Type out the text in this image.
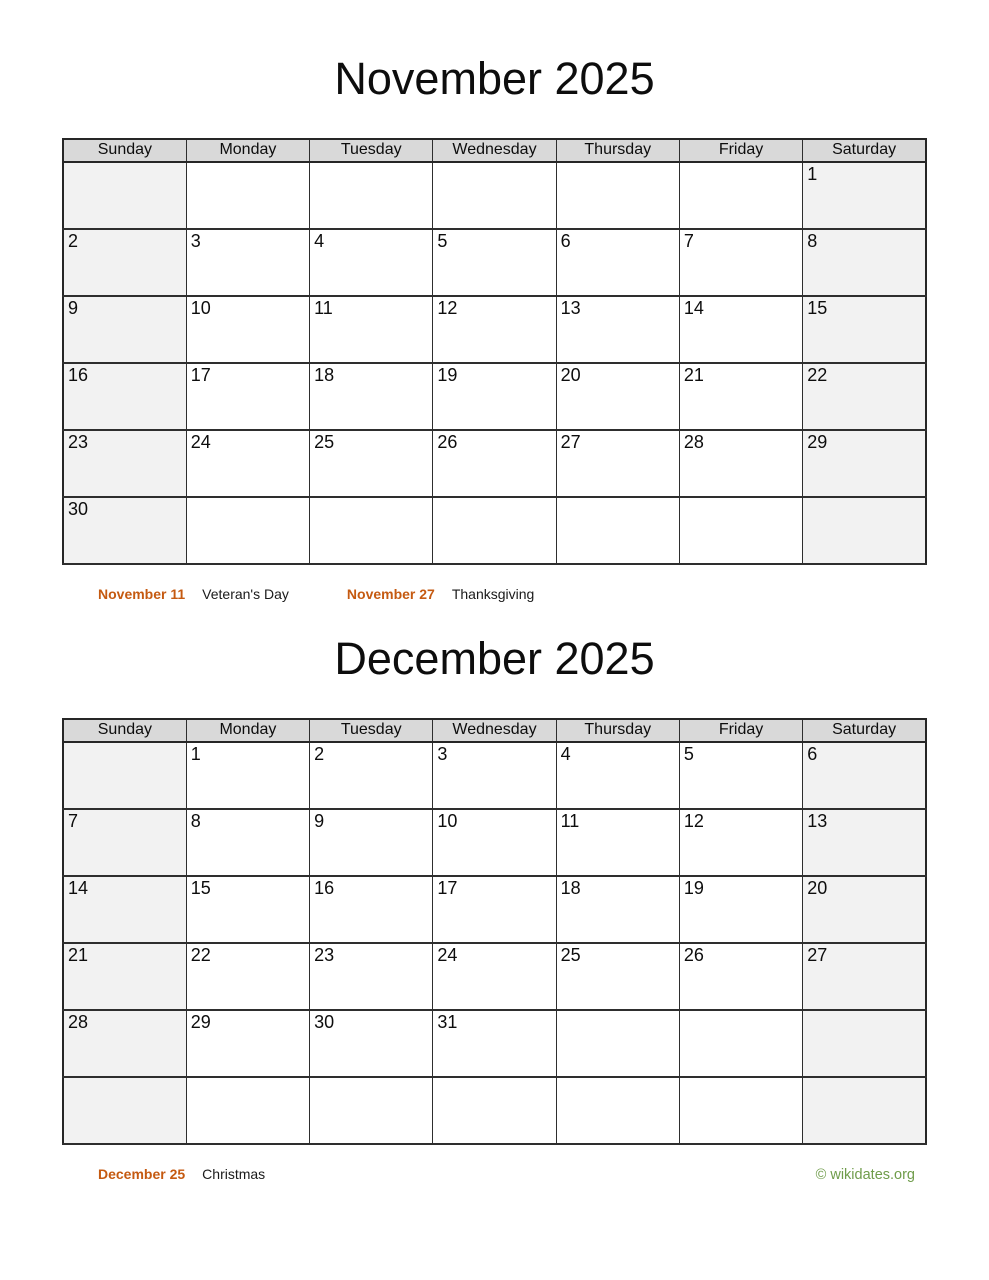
November 2025
Sunday	Monday	Tuesday	Wednesday	Thursday	Friday	Saturday
						1
2	3	4	5	6	7	8
9	10	11	12	13	14	15
16	17	18	19	20	21	22
23	24	25	26	27	28	29
30						
November 11 Veteran's Day	November 27 Thanksgiving
December 2025
Sunday	Monday	Tuesday	Wednesday	Thursday	Friday	Saturday
	1	2	3	4	5	6
7	8	9	10	11	12	13
14	15	16	17	18	19	20
21	22	23	24	25	26	27
28	29	30	31			

December 25 Christmas	© wikidates.org
